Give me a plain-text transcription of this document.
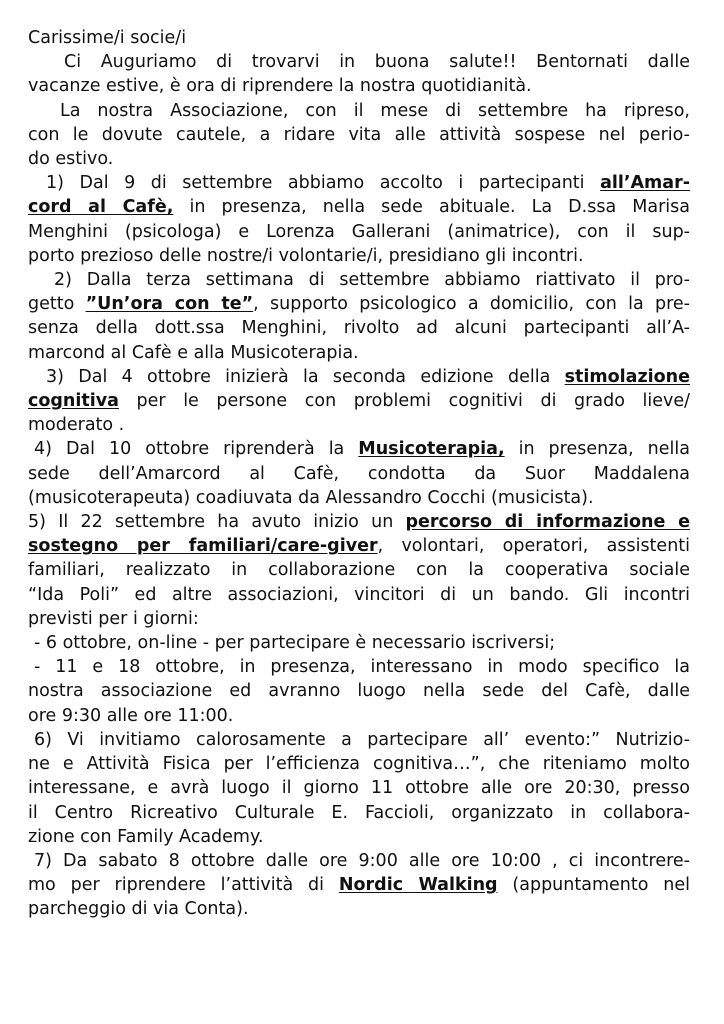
Carissime/i socie/i
Ci Auguriamo di trovarvi in buona salute!! Bentornati dalle
vacanze estive, è ora di riprendere la nostra quotidianità.
La nostra Associazione, con il mese di settembre ha ripreso,
con le dovute cautele, a ridare vita alle attività sospese nel perio-
do estivo.
1) Dal 9 di settembre abbiamo accolto i partecipanti all’Amar-
cord al Cafè, in presenza, nella sede abituale. La D.ssa Marisa
Menghini (psicologa) e Lorenza Gallerani (animatrice), con il sup-
porto prezioso delle nostre/i volontarie/i, presidiano gli incontri.
2) Dalla terza settimana di settembre abbiamo riattivato il pro-
getto ”Un’ora con te”, supporto psicologico a domicilio, con la pre-
senza della dott.ssa Menghini, rivolto ad alcuni partecipanti all’A-
marcond al Cafè e alla Musicoterapia.
3) Dal 4 ottobre inizierà la seconda edizione della stimolazione
cognitiva per le persone con problemi cognitivi di grado lieve/
moderato .
4) Dal 10 ottobre riprenderà la Musicoterapia, in presenza, nella
sede dell’Amarcord al Cafè, condotta da Suor Maddalena
(musicoterapeuta) coadiuvata da Alessandro Cocchi (musicista).
5) Il 22 settembre ha avuto inizio un percorso di informazione e
sostegno per familiari/care-giver, volontari, operatori, assistenti
familiari, realizzato in collaborazione con la cooperativa sociale
“Ida Poli” ed altre associazioni, vincitori di un bando. Gli incontri
previsti per i giorni:
- 6 ottobre, on-line - per partecipare è necessario iscriversi;
- 11 e 18 ottobre, in presenza, interessano in modo specifico la
nostra associazione ed avranno luogo nella sede del Cafè, dalle
ore 9:30 alle ore 11:00.
6) Vi invitiamo calorosamente a partecipare all’ evento:” Nutrizio-
ne e Attività Fisica per l’efficienza cognitiva…”, che riteniamo molto
interessane, e avrà luogo il giorno 11 ottobre alle ore 20:30, presso
il Centro Ricreativo Culturale E. Faccioli, organizzato in collabora-
zione con Family Academy.
7) Da sabato 8 ottobre dalle ore 9:00 alle ore 10:00 , ci incontrere-
mo per riprendere l’attività di Nordic Walking (appuntamento nel
parcheggio di via Conta).
